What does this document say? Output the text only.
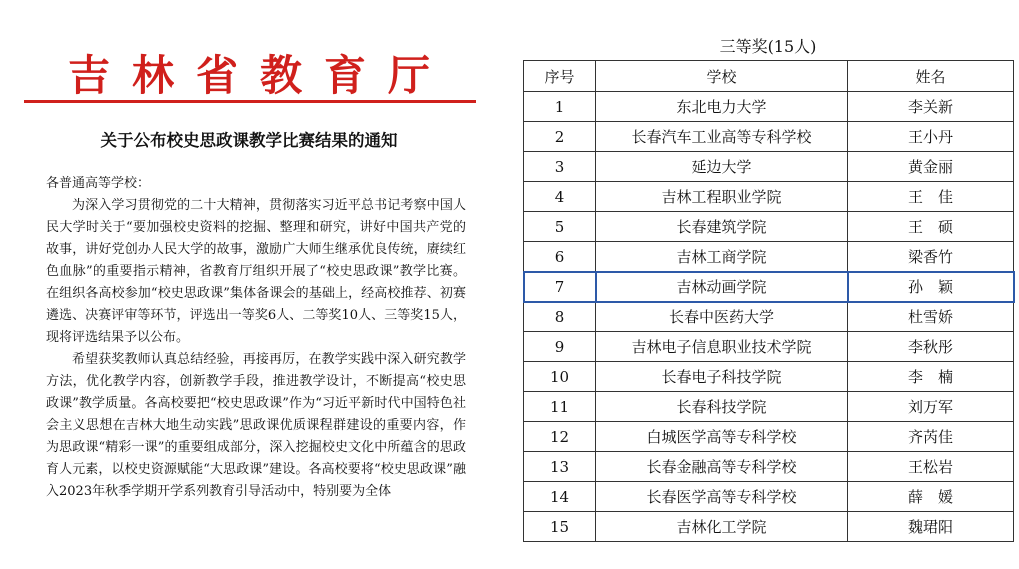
吉林省教育厅
关于公布校史思政课教学比赛结果的通知

各普通高等学校：

为深入学习贯彻党的二十大精神，贯彻落实习近平总书记考察中国人民大学时关于“要加强校史资料的挖掘、整理和研究，讲好中国共产党的故事，讲好党创办人民大学的故事，激励广大师生继承优良传统，赓续红色血脉”的重要指示精神，省教育厅组织开展了“校史思政课”教学比赛。在组织各高校参加“校史思政课”集体备课会的基础上，经高校推荐、初赛遴选、决赛评审等环节，评选出一等奖6人、二等奖10人、三等奖15人，现将评选结果予以公布。

希望获奖教师认真总结经验，再接再厉，在教学实践中深入研究教学方法，优化教学内容，创新教学手段，推进教学设计，不断提高“校史思政课”教学质量。各高校要把“校史思政课”作为“习近平新时代中国特色社会主义思想在吉林大地生动实践”思政课优质课程群建设的重要内容，作为思政课“精彩一课”的重要组成部分，深入挖掘校史文化中所蕴含的思政育人元素，以校史资源赋能“大思政课”建设。各高校要将“校史思政课”融入2023年秋季学期开学系列教育引导活动中，特别要为全体

三等奖(15人)
序号	学校	姓名
1	东北电力大学	李关新
2	长春汽车工业高等专科学校	王小丹
3	延边大学	黄金丽
4	吉林工程职业学院	王　佳
5	长春建筑学院	王　硕
6	吉林工商学院	梁香竹
7	吉林动画学院	孙　颖
8	长春中医药大学	杜雪娇
9	吉林电子信息职业技术学院	李秋彤
10	长春电子科技学院	李　楠
11	长春科技学院	刘万军
12	白城医学高等专科学校	齐芮佳
13	长春金融高等专科学校	王松岩
14	长春医学高等专科学校	薛　媛
15	吉林化工学院	魏珺阳
